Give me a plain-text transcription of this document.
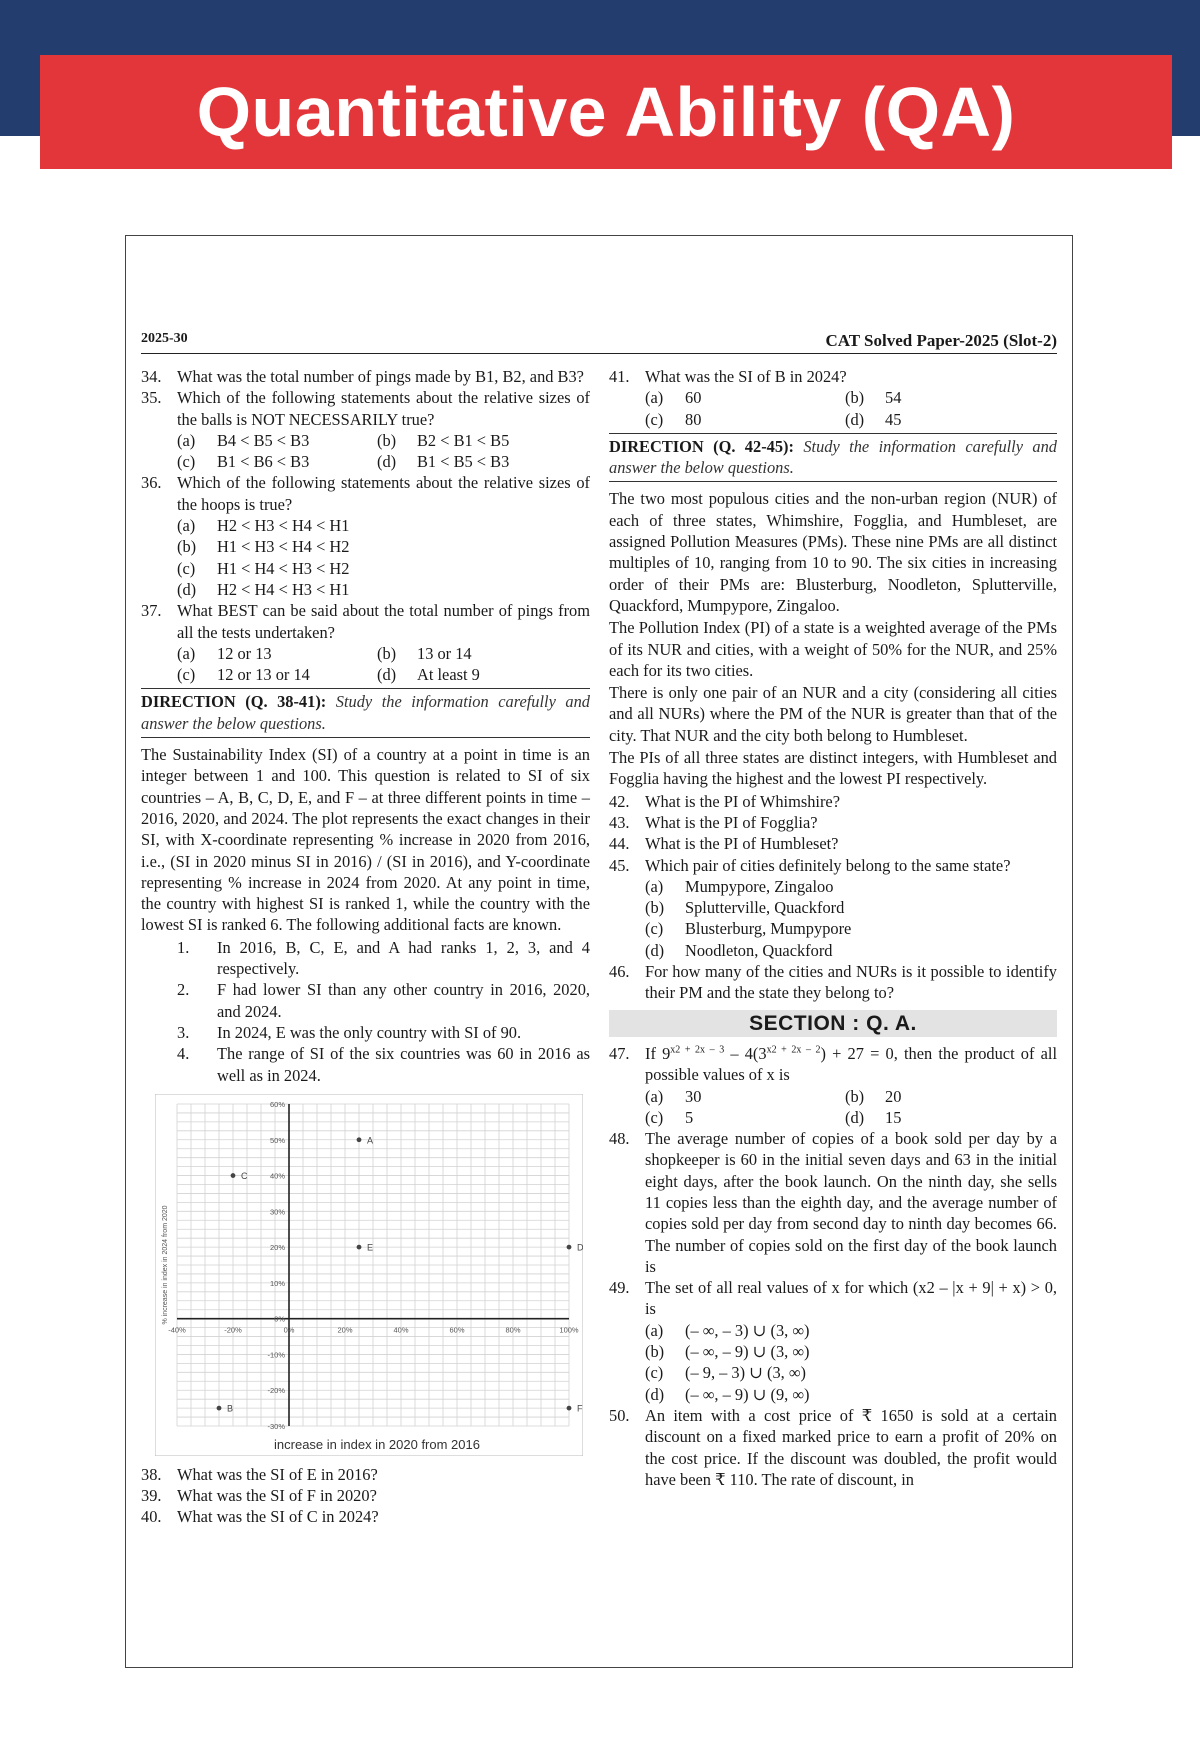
Quantitative Ability (QA)
2025-30	CAT Solved Paper-2025 (Slot-2)
34. What was the total number of pings made by B1, B2, and B3?
35. Which of the following statements about the relative sizes of the balls is NOT NECESSARILY true?
(a)	B4 < B5 < B3	(b)	B2 < B1 < B5
(c)	B1 < B6 < B3	(d)	B1 < B5 < B3
36. Which of the following statements about the relative sizes of the hoops is true?
(a)	H2 < H3 < H4 < H1
(b)	H1 < H3 < H4 < H2
(c)	H1 < H4 < H3 < H2
(d)	H2 < H4 < H3 < H1
37. What BEST can be said about the total number of pings from all the tests undertaken?
(a)	12 or 13	(b)	13 or 14
(c)	12 or 13 or 14	(d)	At least 9
DIRECTION (Q. 38-41): Study the information carefully and answer the below questions.
The Sustainability Index (SI) of a country at a point in time is an integer between 1 and 100. This question is related to SI of six countries – A, B, C, D, E, and F – at three different points in time – 2016, 2020, and 2024. The plot represents the exact changes in their SI, with X-coordinate representing % increase in 2020 from 2016, i.e., (SI in 2020 minus SI in 2016) / (SI in 2016), and Y-coordinate representing % increase in 2024 from 2020. At any point in time, the country with highest SI is ranked 1, while the country with the lowest SI is ranked 6. The following additional facts are known.
1.	In 2016, B, C, E, and A had ranks 1, 2, 3, and 4 respectively.
2.	F had lower SI than any other country in 2016, 2020, and 2024.
3.	In 2024, E was the only country with SI of 90.
4.	The range of SI of the six countries was 60 in 2016 as well as in 2024.
-40%	-20%	0%	20%	40%	60%	80%	100%
60%
50%
40%
30%
20%
10%
0%
-10%
-20%
-30%
A
B
C
D
E
F
increase in index in 2020 from 2016
% increase in index in 2024 from 2020
38. What was the SI of E in 2016?
39. What was the SI of F in 2020?
40. What was the SI of C in 2024?
41. What was the SI of B in 2024?
(a)	60	(b)	54
(c)	80	(d)	45
DIRECTION (Q. 42-45): Study the information carefully and answer the below questions.
The two most populous cities and the non-urban region (NUR) of each of three states, Whimshire, Fogglia, and Humbleset, are assigned Pollution Measures (PMs). These nine PMs are all distinct multiples of 10, ranging from 10 to 90. The six cities in increasing order of their PMs are: Blusterburg, Noodleton, Splutterville, Quackford, Mumpypore, Zingaloo.
The Pollution Index (PI) of a state is a weighted average of the PMs of its NUR and cities, with a weight of 50% for the NUR, and 25% each for its two cities.
There is only one pair of an NUR and a city (considering all cities and all NURs) where the PM of the NUR is greater than that of the city. That NUR and the city both belong to Humbleset.
The PIs of all three states are distinct integers, with Humbleset and Fogglia having the highest and the lowest PI respectively.
42. What is the PI of Whimshire?
43. What is the PI of Fogglia?
44. What is the PI of Humbleset?
45. Which pair of cities definitely belong to the same state?
(a)	Mumpypore, Zingaloo
(b)	Splutterville, Quackford
(c)	Blusterburg, Mumpypore
(d)	Noodleton, Quackford
46. For how many of the cities and NURs is it possible to identify their PM and the state they belong to?
SECTION : Q. A.
47. If $9^{x2 + 2x - 3} - 4(3^{x2 + 2x - 2}) + 27 = 0$, then the product of all possible values of x is
(a)	30	(b)	20
(c)	5	(d)	15
48. The average number of copies of a book sold per day by a shopkeeper is 60 in the initial seven days and 63 in the initial eight days, after the book launch. On the ninth day, she sells 11 copies less than the eighth day, and the average number of copies sold per day from second day to ninth day becomes 66. The number of copies sold on the first day of the book launch is
49. The set of all real values of x for which (x2 – |x + 9| + x) > 0, is
(a)	(– ∞, – 3) ∪ (3, ∞)
(b)	(– ∞, – 9) ∪ (3, ∞)
(c)	(– 9, – 3) ∪ (3, ∞)
(d)	(– ∞, – 9) ∪ (9, ∞)
50. An item with a cost price of ₹ 1650 is sold at a certain discount on a fixed marked price to earn a profit of 20% on the cost price. If the discount was doubled, the profit would have been ₹ 110. The rate of discount, in
